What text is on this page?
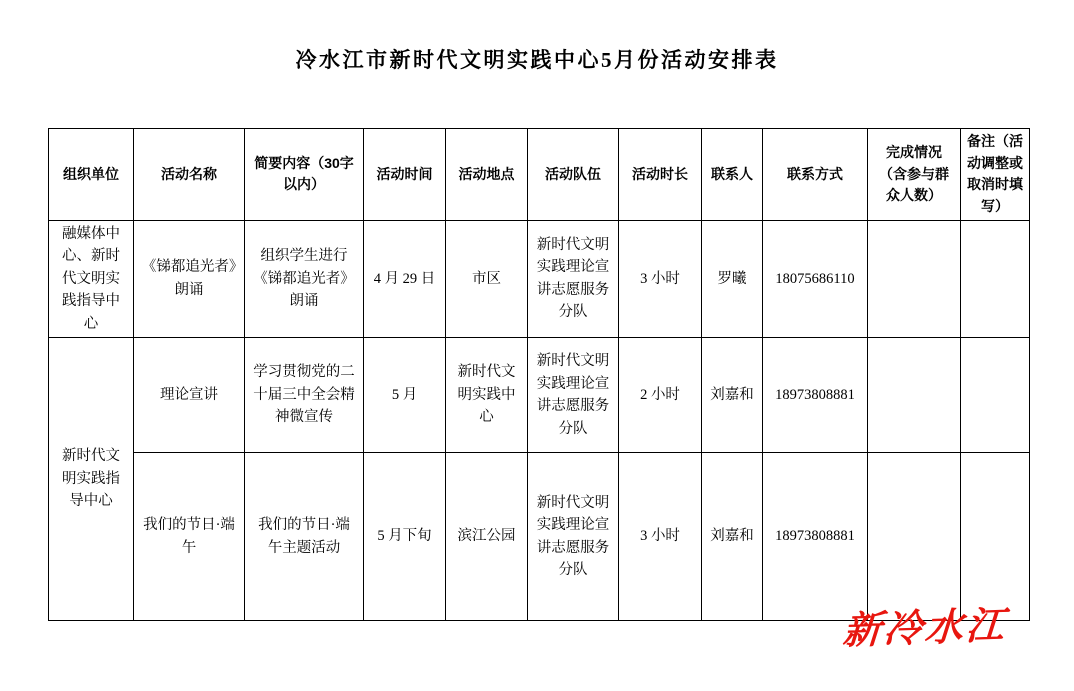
冷水江市新时代文明实践中心5月份活动安排表
组织单位	活动名称	简要内容（30字以内）	活动时间	活动地点	活动队伍	活动时长	联系人	联系方式	完成情况（含参与群众人数）	备注（活动调整或取消时填写）
融媒体中心、新时代文明实践指导中心	《锑都追光者》朗诵	组织学生进行《锑都追光者》朗诵	4 月 29 日	市区	新时代文明实践理论宣讲志愿服务分队	3 小时	罗曦	18075686110		
新时代文明实践指导中心	理论宣讲	学习贯彻党的二十届三中全会精神微宣传	5 月	新时代文明实践中心	新时代文明实践理论宣讲志愿服务分队	2 小时	刘嘉和	18973808881		
	我们的节日·端午	我们的节日·端午主题活动	5 月下旬	滨江公园	新时代文明实践理论宣讲志愿服务分队	3 小时	刘嘉和	18973808881		
新冷水江
